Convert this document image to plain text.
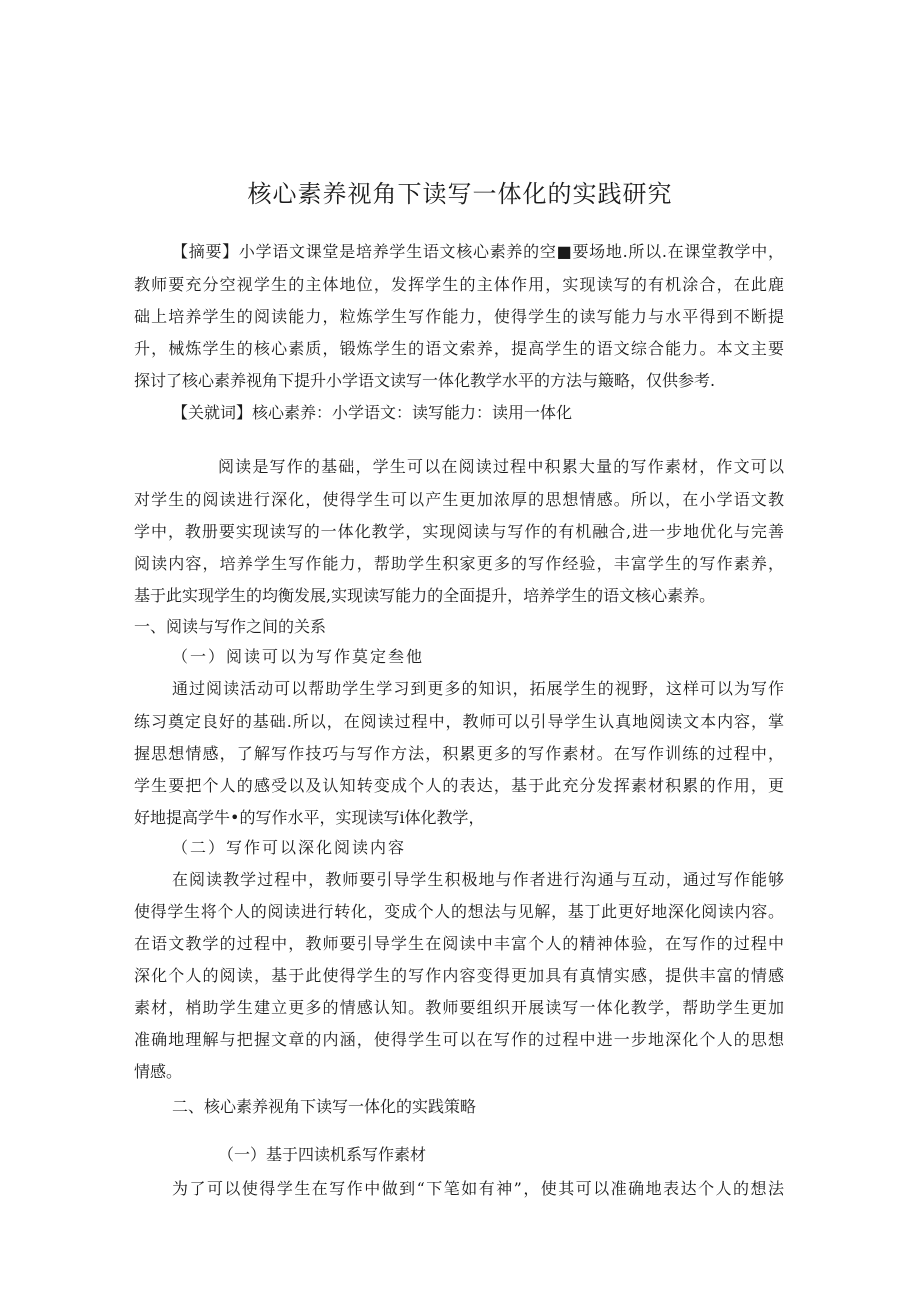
核心素养视角下读写一体化的实践研究
【摘要】小学语文课堂是培养学生语文核心素养的空■要场地.所以.在课堂教学中，
教师要充分空视学生的主体地位，发挥学生的主体作用，实现读写的有机涂合，在此鹿
础上培养学生的阅读能力，粒炼学生写作能力，使得学生的读写能力与水平得到不断提
升，械炼学生的核心素质，锻炼学生的语文索养，提高学生的语文综合能力。本文主要
探讨了核心素养视角下提升小学语文读写一体化教学水平的方法与簸略，仅供参考.
【关就词】核心素养：小学语文：读写能力：读用一体化
阅读是写作的基础，学生可以在阅读过程中积累大量的写作素材，作文可以
对学生的阅读进行深化，使得学生可以产生更加浓厚的思想情感。所以，在小学语文教
学中，教册要实现读写的一体化教学，实现阅读与写作的有机融合,进一步地优化与完善
阅读内容，培养学生写作能力，帮助学生积家更多的写作经验，丰富学生的写作素养，
基于此实现学生的均衡发展,实现读写能力的全面提升，培养学生的语文核心素养。
一、阅读与写作之间的关系
（一）阅读可以为写作莫定叁他
通过阅读活动可以帮助学生学习到更多的知识，拓展学生的视野，这样可以为写作
练习奠定良好的基础.所以，在阅读过程中，教师可以引导学生认真地阅读文本内容，掌
握思想情感，了解写作技巧与写作方法，积累更多的写作素材。在写作训练的过程中，
学生要把个人的感受以及认知转变成个人的表达，基于此充分发挥素材积累的作用，更
好地提高学牛•的写作水平，实现读写i体化教学，
（二）写作可以深化阅读内容
在阅读教学过程中，教师要引导学生积极地与作者进行沟通与互动，通过写作能够
使得学生将个人的阅读进行转化，变成个人的想法与见解，基丁此更好地深化阅读内容。
在语文教学的过程中，教师要引导学生在阅读中丰富个人的精神体验，在写作的过程中
深化个人的阅读，基于此使得学生的写作内容变得更加具有真情实感，提供丰富的情感
素材，梢助学生建立更多的情感认知。教师要组织开展读写一体化教学，帮助学生更加
准确地理解与把握文章的内涵，使得学生可以在写作的过程中进一步地深化个人的思想
情感。
二、核心素养视角下读写一体化的实践策略
（一）基于四读机系写作素材
为了可以使得学生在写作中做到“下笔如有神”，使其可以准确地表达个人的想法
